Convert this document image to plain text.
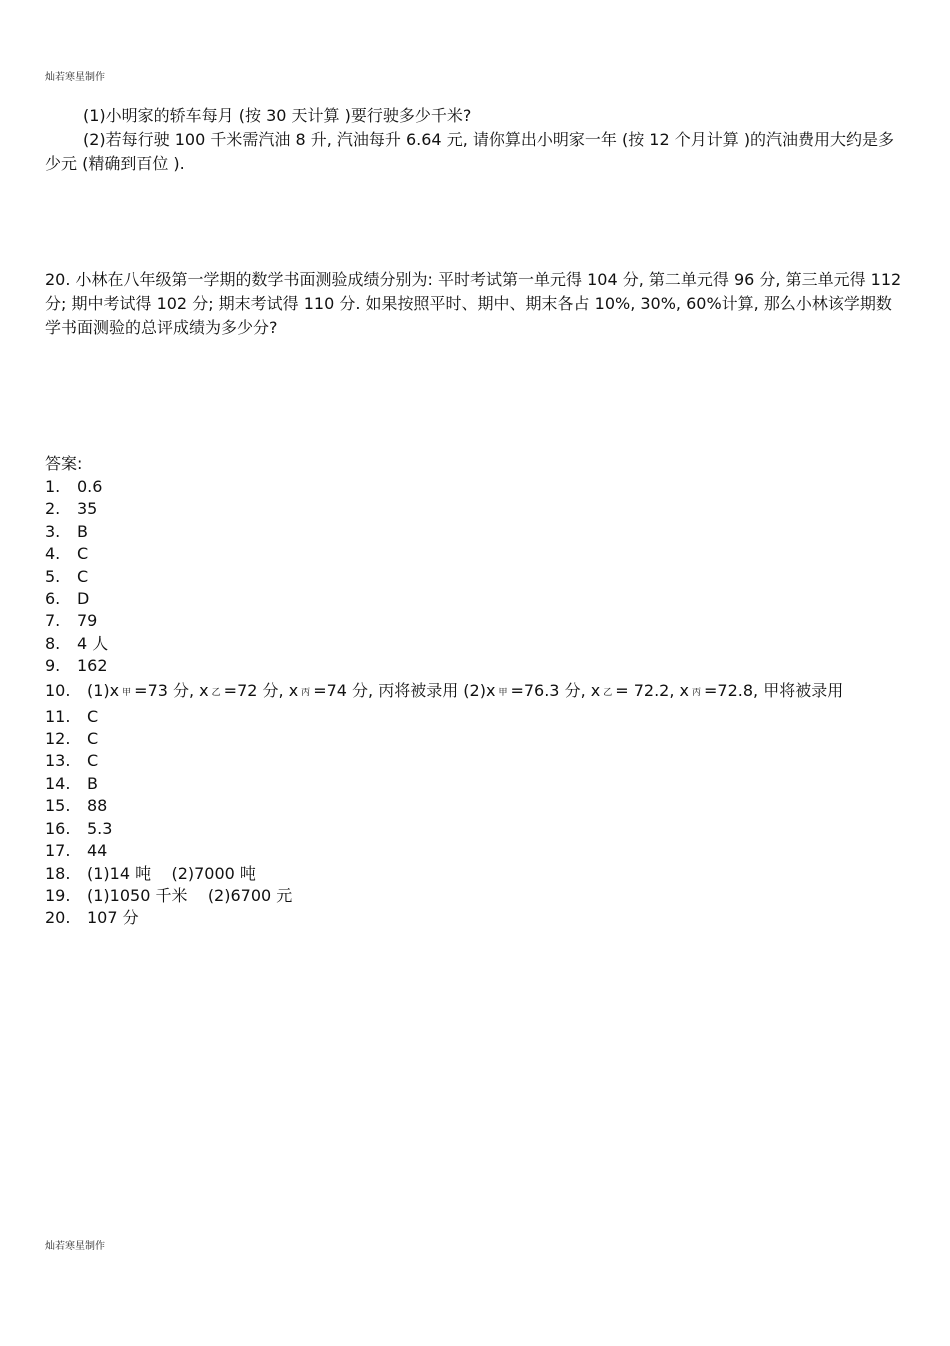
灿若寒星制作
(1)小明家的轿车每月 (按 30 天计算 )要行驶多少千米?
(2)若每行驶 100 千米需汽油 8 升, 汽油每升 6.64 元, 请你算出小明家一年 (按 12 个月计算 )的汽油费用大约是多少元 (精确到百位 ).
20. 小林在八年级第一学期的数学书面测验成绩分别为: 平时考试第一单元得 104 分, 第二单元得 96 分, 第三单元得 112 分; 期中考试得 102 分; 期末考试得 110 分. 如果按照平时、期中、期末各占 10%, 30%, 60%计算, 那么小林该学期数学书面测验的总评成绩为多少分?
答案:
1.	0.6
2.	35
3.	B
4.	C
5.	C
6.	D
7.	79
8.	4 人
9.	162
10.	(1)x 甲 =73 分, x 乙 =72 分, x 丙 =74 分, 丙将被录用 (2)x 甲 =76.3 分, x 乙 = 72.2, x 丙 =72.8, 甲将被录用
11.	C
12.	C
13.	C
14.	B
15.	88
16.	5.3
17.	44
18.	(1)14 吨    (2)7000 吨
19.	(1)1050 千米    (2)6700 元
20.	107 分
灿若寒星制作
